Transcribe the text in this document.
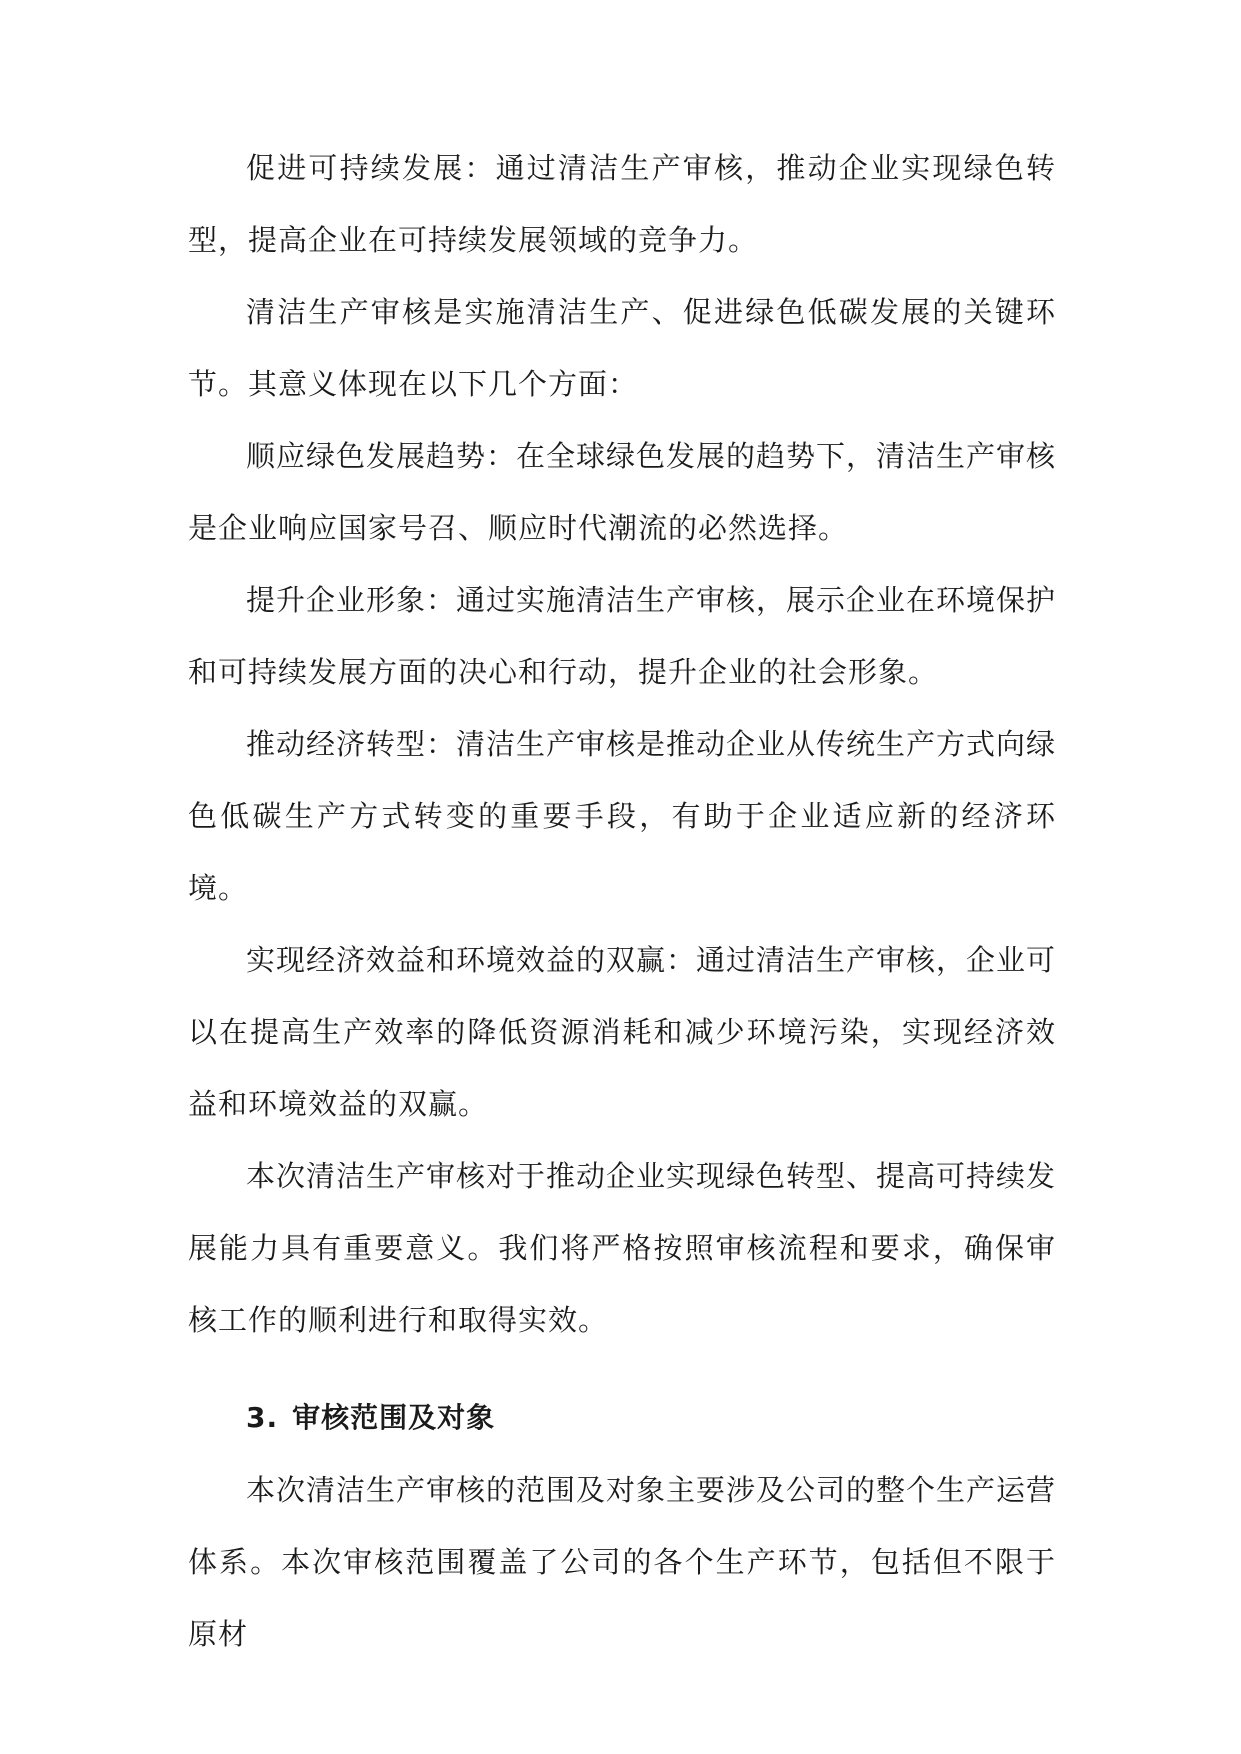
促进可持续发展：通过清洁生产审核，推动企业实现绿色转型，提高企业在可持续发展领域的竞争力。

清洁生产审核是实施清洁生产、促进绿色低碳发展的关键环节。其意义体现在以下几个方面：

顺应绿色发展趋势：在全球绿色发展的趋势下，清洁生产审核是企业响应国家号召、顺应时代潮流的必然选择。

提升企业形象：通过实施清洁生产审核，展示企业在环境保护和可持续发展方面的决心和行动，提升企业的社会形象。

推动经济转型：清洁生产审核是推动企业从传统生产方式向绿色低碳生产方式转变的重要手段，有助于企业适应新的经济环境。

实现经济效益和环境效益的双赢：通过清洁生产审核，企业可以在提高生产效率的降低资源消耗和减少环境污染，实现经济效益和环境效益的双赢。

本次清洁生产审核对于推动企业实现绿色转型、提高可持续发展能力具有重要意义。我们将严格按照审核流程和要求，确保审核工作的顺利进行和取得实效。

3. 审核范围及对象

本次清洁生产审核的范围及对象主要涉及公司的整个生产运营体系。本次审核范围覆盖了公司的各个生产环节，包括但不限于原材
